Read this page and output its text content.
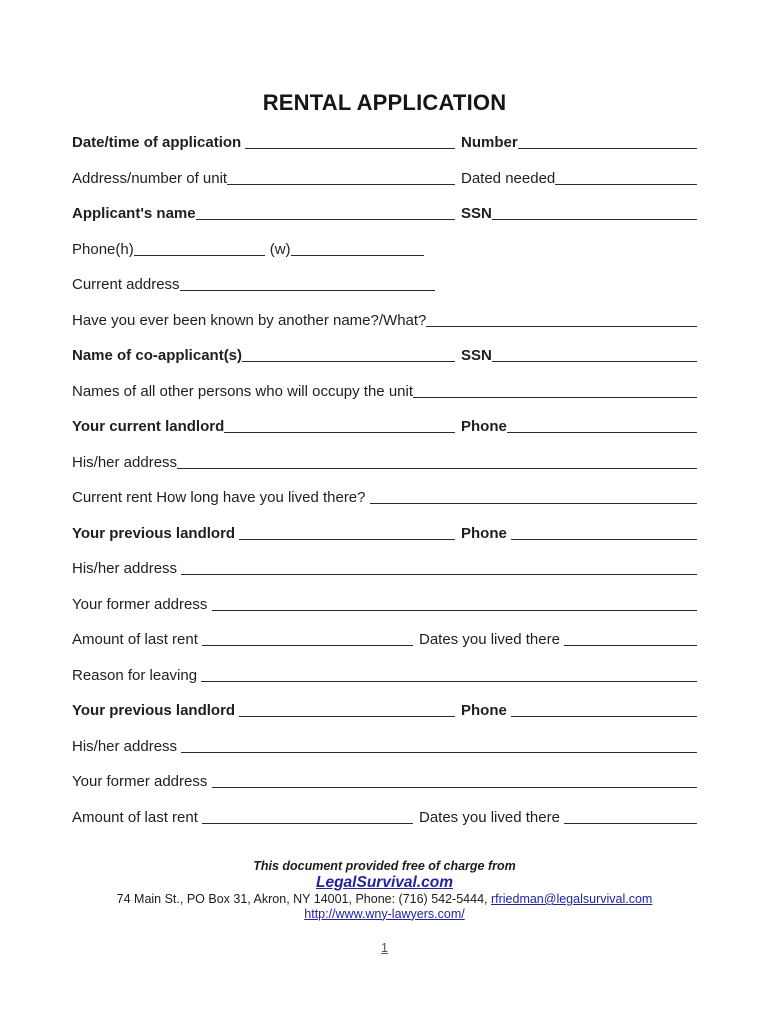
RENTAL APPLICATION
Date/time of application	Number
Address/number of unit	Dated needed
Applicant's name	SSN
Phone(h)	(w)
Current address
Have you ever been known by another name?/What?
Name of co-applicant(s)	SSN
Names of all other persons who will occupy the unit
Your current landlord	Phone
His/her address
Current rent How long have you lived there?
Your previous landlord	Phone
His/her address
Your former address
Amount of last rent	Dates you lived there
Reason for leaving
Your previous landlord	Phone
His/her address
Your former address
Amount of last rent	Dates you lived there
This document provided free of charge from
LegalSurvival.com
74 Main St., PO Box 31, Akron, NY 14001, Phone: (716) 542-5444, rfriedman@legalsurvival.com
http://www.wny-lawyers.com/
1
